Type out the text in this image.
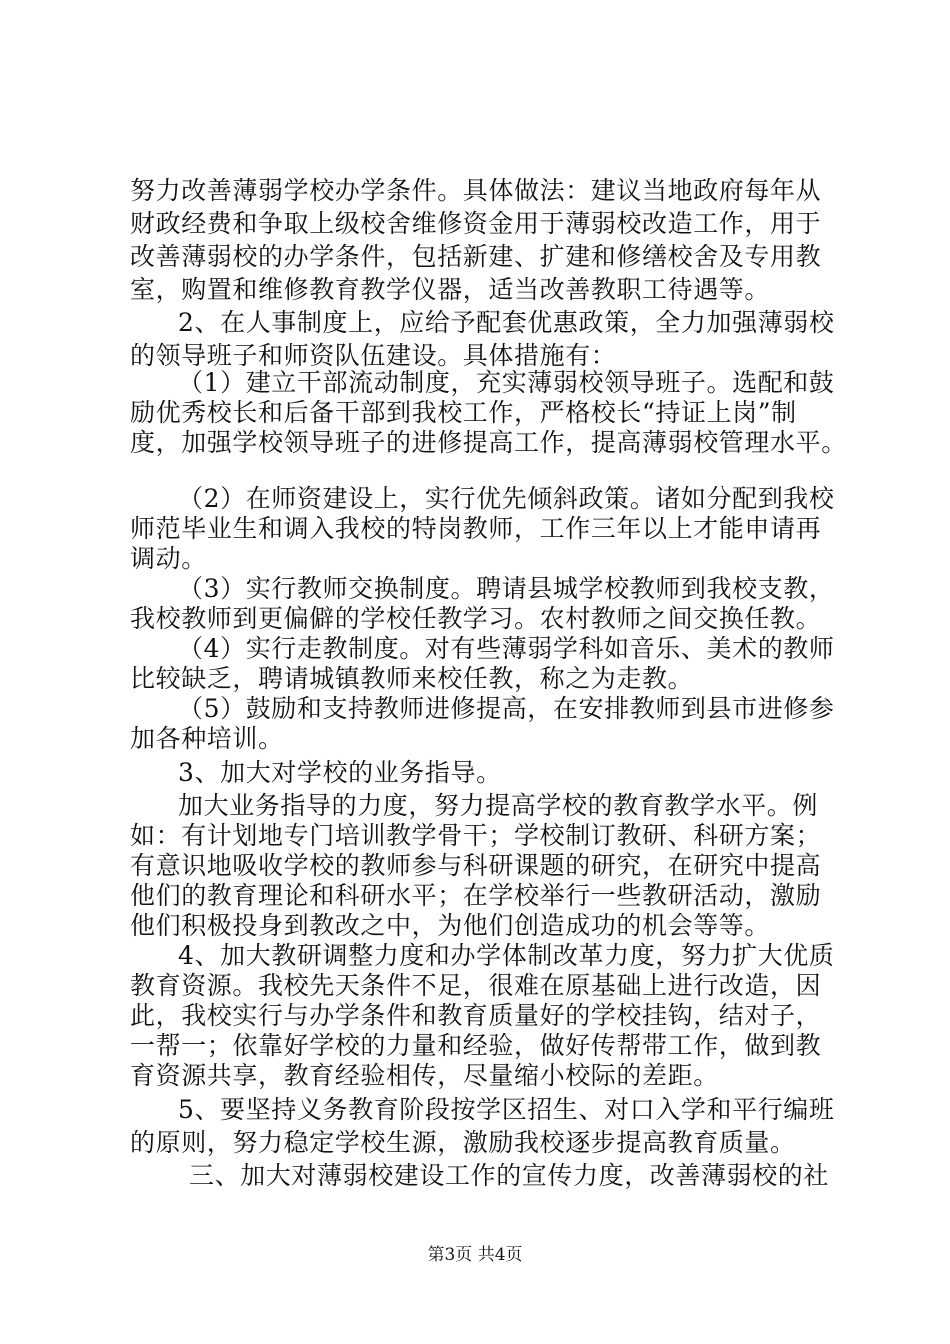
努力改善薄弱学校办学条件。具体做法：建议当地政府每年从
财政经费和争取上级校舍维修资金用于薄弱校改造工作，用于
改善薄弱校的办学条件，包括新建、扩建和修缮校舍及专用教
室，购置和维修教育教学仪器，适当改善教职工待遇等。
2、在人事制度上，应给予配套优惠政策，全力加强薄弱校
的领导班子和师资队伍建设。具体措施有：
（1）建立干部流动制度，充实薄弱校领导班子。选配和鼓
励优秀校长和后备干部到我校工作，严格校长“持证上岗”制
度，加强学校领导班子的进修提高工作，提高薄弱校管理水平。
（2）在师资建设上，实行优先倾斜政策。诸如分配到我校
师范毕业生和调入我校的特岗教师，工作三年以上才能申请再
调动。
（3）实行教师交换制度。聘请县城学校教师到我校支教，
我校教师到更偏僻的学校任教学习。农村教师之间交换任教。
（4）实行走教制度。对有些薄弱学科如音乐、美术的教师
比较缺乏，聘请城镇教师来校任教，称之为走教。
（5）鼓励和支持教师进修提高，在安排教师到县市进修参
加各种培训。
3、加大对学校的业务指导。
加大业务指导的力度，努力提高学校的教育教学水平。例
如：有计划地专门培训教学骨干；学校制订教研、科研方案；
有意识地吸收学校的教师参与科研课题的研究，在研究中提高
他们的教育理论和科研水平；在学校举行一些教研活动，激励
他们积极投身到教改之中，为他们创造成功的机会等等。
4、加大教研调整力度和办学体制改革力度，努力扩大优质
教育资源。我校先天条件不足，很难在原基础上进行改造，因
此，我校实行与办学条件和教育质量好的学校挂钩，结对子，
一帮一；依靠好学校的力量和经验，做好传帮带工作，做到教
育资源共享，教育经验相传，尽量缩小校际的差距。
5、要坚持义务教育阶段按学区招生、对口入学和平行编班
的原则，努力稳定学校生源，激励我校逐步提高教育质量。
三、加大对薄弱校建设工作的宣传力度，改善薄弱校的社
第3页 共4页
